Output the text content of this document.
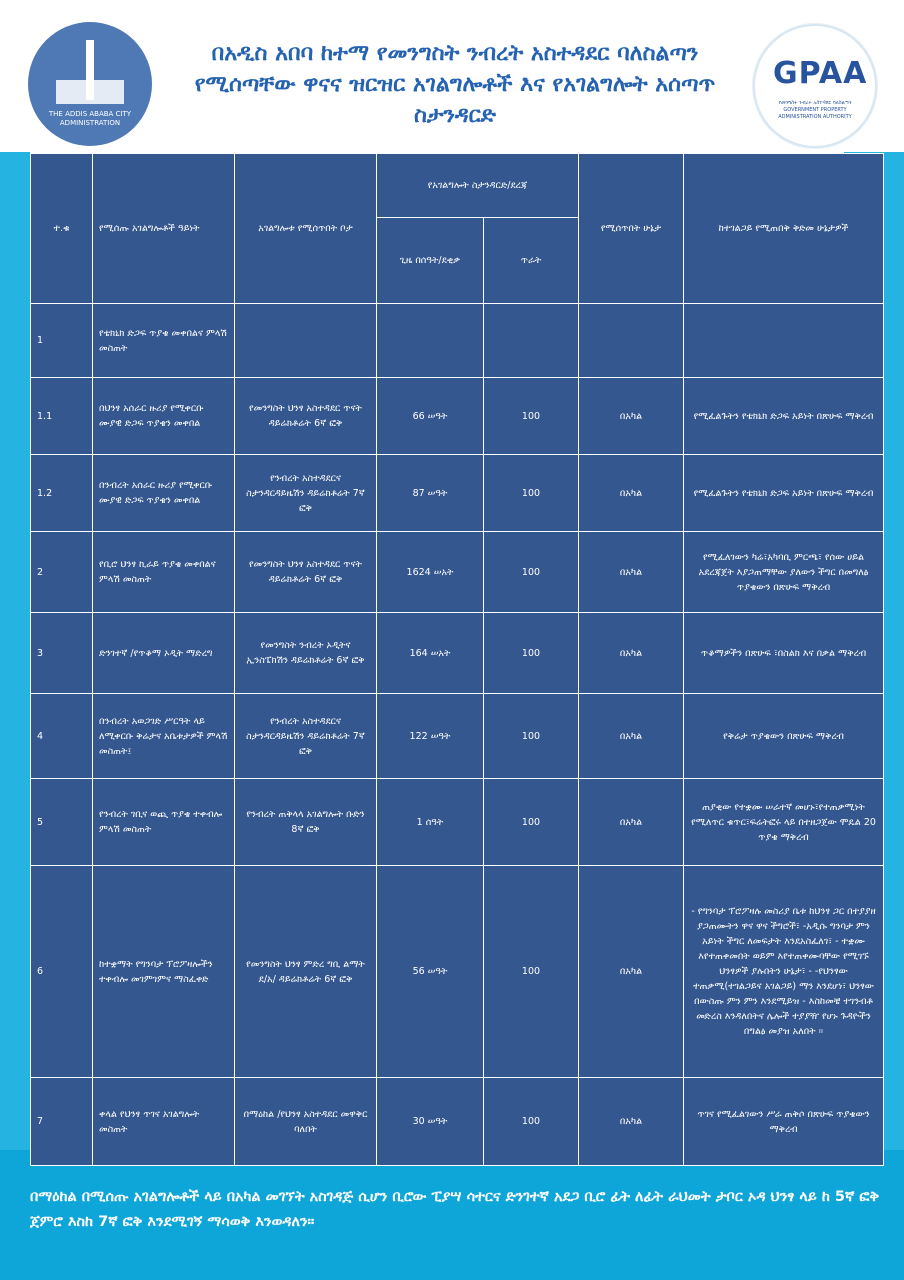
THE ADDIS ABABA CITY ADMINISTRATION
በአዲስ አበባ ከተማ የመንግስት ንብረት አስተዳደር ባለስልጣን የሚሰጣቸው ዋናና ዝርዝር አገልግሎቶች እና የአገልግሎት አሰጣጥ ስታንዳርድ
GPAA
የመንግስት ንብረት አስተዳደር ባለስልጣን GOVERNMENT PROPERTY ADMINISTRATION AUTHORITY
ተ.ቁ	የሚሰጡ አገልግሎቶች ዓይነት	አገልግሎቱ የሚሰጥበት ቦታ	የአገልግሎት ስታንዳርድ/ደረጃ		የሚሰጥበት ሁኔታ	ከተገልጋይ የሚጠበቅ ቅድመ ሁኔታዎች
			ጊዜ በሰዓት/ደቂቃ	ጥራት		
1	የቴክኒክ ድጋፍ ጥያቄ መቀበልና ምላሽ መስጠት					
1.1	በህንፃ አሰራር ዙሪያ የሚቀርቡ ሙያዊ ድጋፍ ጥያቄን መቀበል	የመንግስት ህንፃ አስተዳደር ጥናት ዳይሬክቶሬት 6ኛ ፎቅ	66 ሠዓት	100	በአካል	የሚፈልጉትን የቴክኒክ ድጋፍ አይነት በጽሁፍ ማቅረብ
1.2	በንብረት አሰራር ዙሪያ የሚቀርቡ ሙያዊ ድጋፍ ጥያቄን መቀበል	የንብረት አስተዳደርና ስታንዳርዳይዜሽን ዳይሬክቶሬት 7ኛ ፎቅ	87 ሠዓት	100	በአካል	የሚፈልጉትን የቴክኒክ ድጋፍ አይነት በጽሁፍ ማቅረብ
2	የቢሮ ህንፃ ኪራይ ጥያቄ መቀበልና ምላሽ መስጠት	የመንግስት ህንፃ አስተዳደር ጥናት ዳይሬክቶሬት 6ኛ ፎቅ	1624 ሠአት	100	በአካል	የሚፈለገውን ካሬ፣አካባቢ ምርጫ፣ የሰው ሀይል አደረጃጀት እያጋጠማቸው ያለውን ችግር በመግለፅ ጥያቄውን በጽሁፍ ማቅረብ
3	ድንገተኛ /የጥቆማ ኦዲት ማድረግ	የመንግስት ንብረት ኦዲትና ኢንስፔክሽን ዳይሬክቶሬት 6ኛ ፎቅ	164 ሠአት	100	በአካል	ጥቆማዎችን በጽሁፍ ፣በስልክ እና በቃል ማቅረብ
4	በንብረት አወጋገድ ሥርዓት ላይ ለሚቀርቡ ቅሬታና አቤቱታዎች ምላሽ መስጠት፤	የንብረት አስተዳደርና ስታንዳርዳይዜሽን ዳይሬክቶሬት 7ኛ ፎቅ	122 ሠዓት	100	በአካል	የቅሬታ ጥያቄውን በጽሁፍ ማቅረብ
5	የንብረት ገቢና ወጪ ጥያቄ ተቀብሎ ምላሽ መስጠት	የንብረት ጠቅላላ አገልግሎት ቡድን 8ኛ ፎቅ	1 ሰዓት	100	በአካል	ጠያቂው የተቋሙ ሠራተኛ መሆኑ፣የተጠቃሚነት የሚለጥር ቁጥር፣ፍሬትፎሩ ላይ በተዘጋጀው ሞዴል 20 ጥያቄ ማቅረብ
6	ከተቋማት የግንባታ ፕሮፖዛሎችን ተቀብሎ መገምገምና ማስፈቀድ	የመንግስት ህንፃ ምድረ ግቢ ልማት ደ/አ/ ዳይሬክቶሬት 6ኛ ፎቅ	56 ሠዓት	100	በአካል	- የግንባታ ፕሮፖዛሉ መስሪያ ቤቱ ከህንፃ ጋር በተያያዘ ያጋጠሙትን ዋና ዋና ችግሮች፣ -አዲሱ ግንባታ ምን አይነት ችግር ለመፍታት እንደአስፈለገ፣ - ተቋሙ እየተጠቀመበት ወይም እየተጠቀሙባቸው የሚገኙ ህንፃዎች ያሉበትን ሁኔታ፣ - -የህንፃው ተጠቃሚ(ተገልጋይና አገልጋይ) ማን እንደሆነ፣ ህንፃው በውስጡ ምን ምን እንደሚይዝ - እስከመቼ ተገንብቶ መድረስ እንዳለበትና ሌሎች ተያያዥ የሆኑ ጉዳዮችን በግልፅ መያዝ አለበት ።
7	ቀላል የህንፃ ጥገና አገልግሎት መስጠት	በማዕከል /የህንፃ አስተዳደር መዋቅር ባለበት	30 ሠዓት	100	በአካል	ጥገና የሚፈልገውን ሥራ ጠቅሶ በጽሁፍ ጥያቄውን ማቅረብ
በማዕከል በሚሰጡ አገልግሎቶች ላይ በአካል መገኘት አስገዳጅ ሲሆን ቢሮው ፒያሣ ሳተርና ድንገተኛ አደጋ ቢሮ ፊት ለፊት ራህመት ታቦር ኦዳ ህንፃ ላይ ከ 5ኛ ፎቅ ጀምሮ እስከ 7ኛ ፎቅ እንደሚገኝ ማሳወቅ እንወዳለን።
